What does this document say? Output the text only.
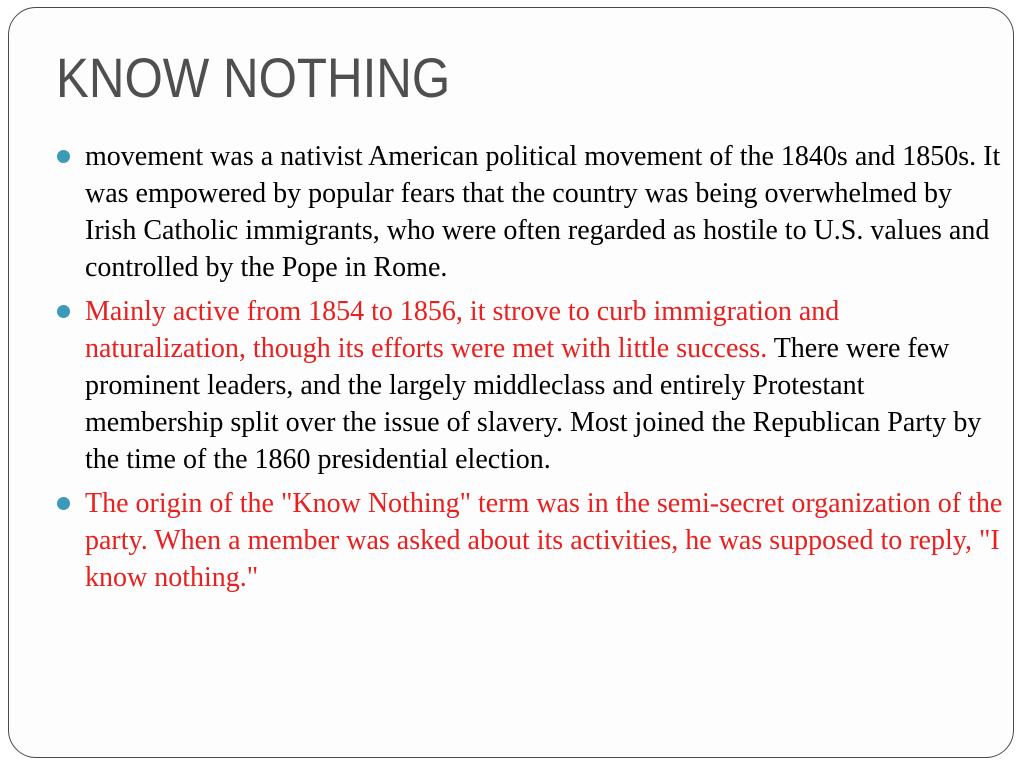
KNOW NOTHING
movement was a nativist American political movement of the 1840s and 1850s. It was empowered by popular fears that the country was being overwhelmed by Irish Catholic immigrants, who were often regarded as hostile to U.S. values and controlled by the Pope in Rome.
Mainly active from 1854 to 1856, it strove to curb immigration and naturalization, though its efforts were met with little success. There were few prominent leaders, and the largely middleclass and entirely Protestant membership split over the issue of slavery. Most joined the Republican Party by the time of the 1860 presidential election.
The origin of the "Know Nothing" term was in the semi-secret organization of the party. When a member was asked about its activities, he was supposed to reply, "I know nothing."
